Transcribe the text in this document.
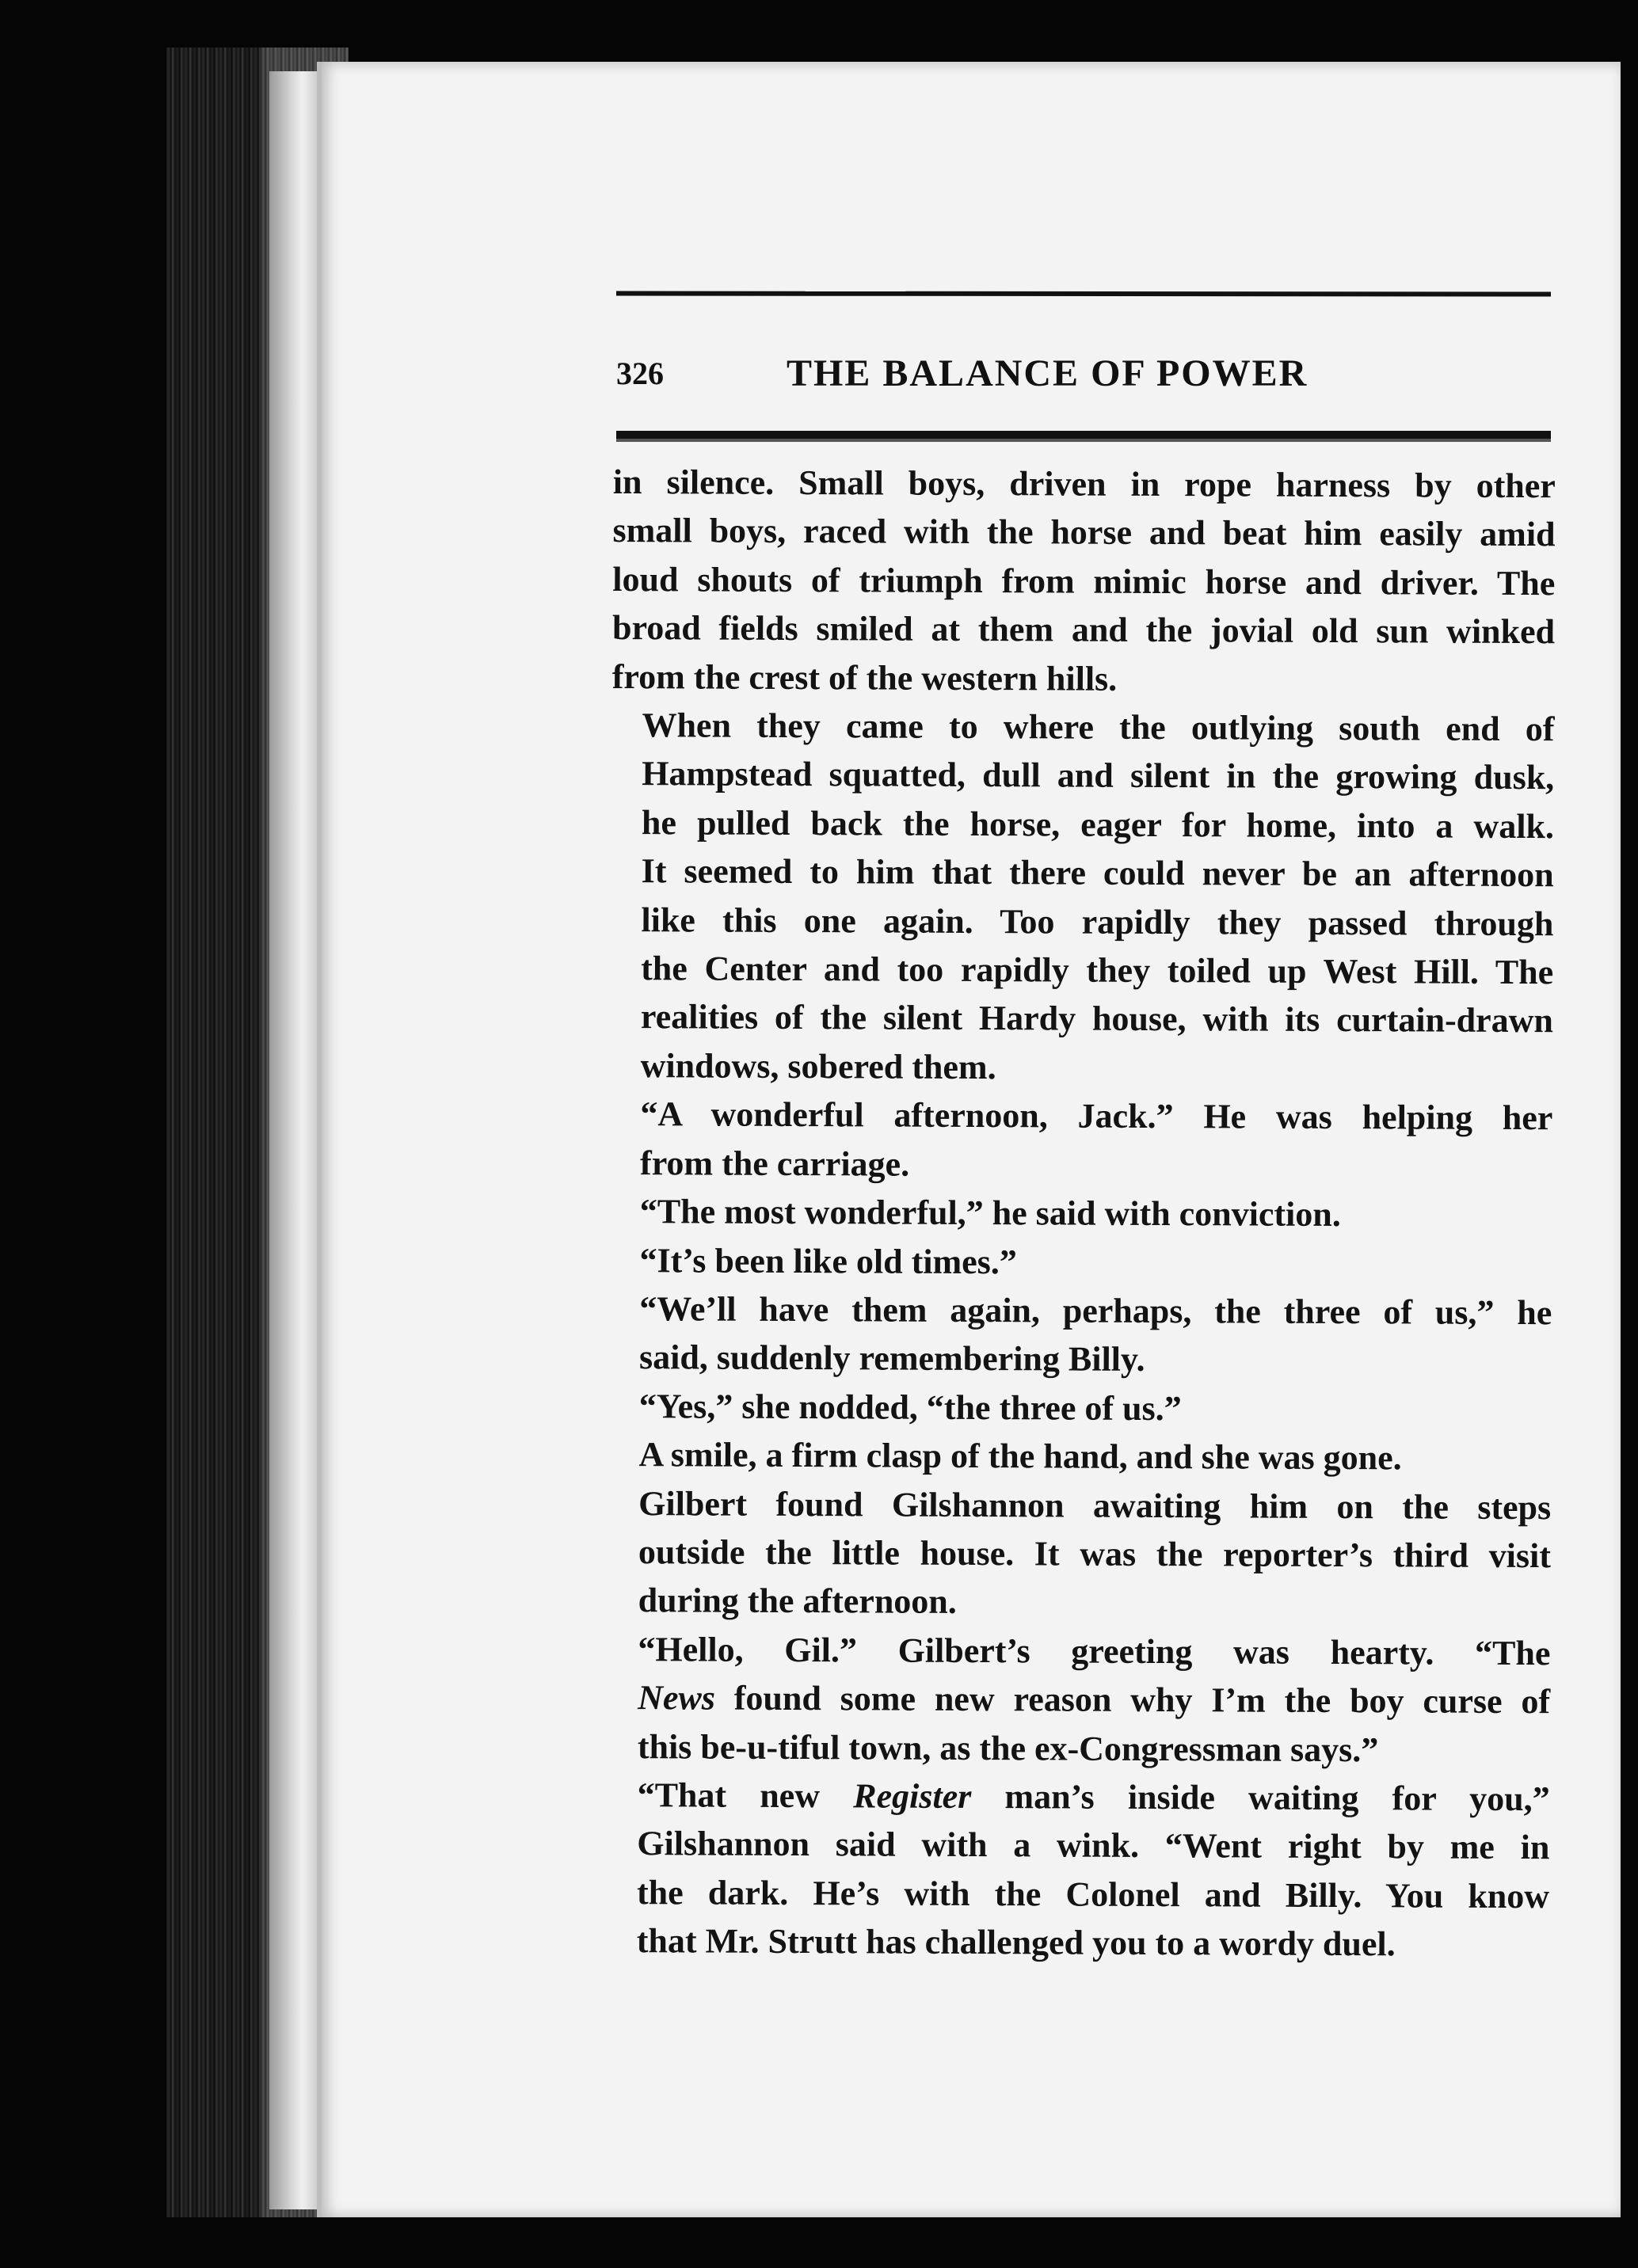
326	THE BALANCE OF POWER

in silence. Small boys, driven in rope harness by other
small boys, raced with the horse and beat him easily amid
loud shouts of triumph from mimic horse and driver. The
broad fields smiled at them and the jovial old sun winked
from the crest of the western hills.

When they came to where the outlying south end of
Hampstead squatted, dull and silent in the growing dusk,
he pulled back the horse, eager for home, into a walk.
It seemed to him that there could never be an afternoon
like this one again. Too rapidly they passed through
the Center and too rapidly they toiled up West Hill. The
realities of the silent Hardy house, with its curtain-drawn
windows, sobered them.

“A wonderful afternoon, Jack.” He was helping her
from the carriage.

“The most wonderful,” he said with conviction.

“It’s been like old times.”

“We’ll have them again, perhaps, the three of us,” he
said, suddenly remembering Billy.

“Yes,” she nodded, “the three of us.”

A smile, a firm clasp of the hand, and she was gone.

Gilbert found Gilshannon awaiting him on the steps
outside the little house. It was the reporter’s third visit
during the afternoon.

“Hello, Gil.” Gilbert’s greeting was hearty. “The
News found some new reason why I’m the boy curse of
this be-u-tiful town, as the ex-Congressman says.”

“That new Register man’s inside waiting for you,”
Gilshannon said with a wink. “Went right by me in
the dark. He’s with the Colonel and Billy. You know
that Mr. Strutt has challenged you to a wordy duel.
